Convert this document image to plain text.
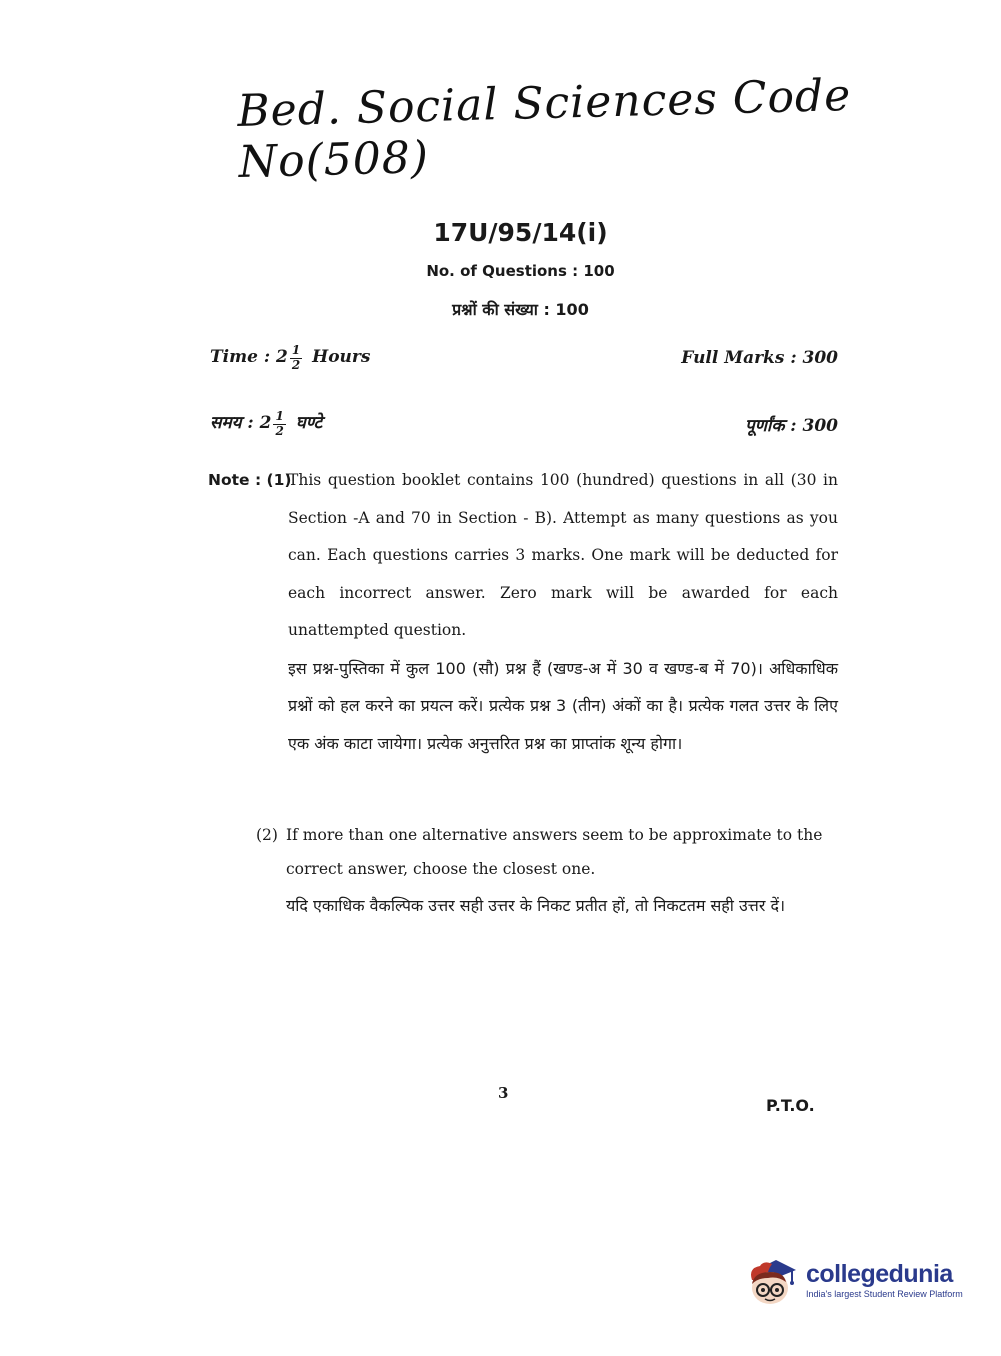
Bed. Social Sciences Code No(508)
17U/95/14(i)
No. of Questions : 100
प्रश्नों की संख्या : 100
Time : $2 \frac{1}{2}$ Hours	Full Marks : 300
समय : $2 \frac{1}{2}$ घण्टे	पूर्णांक : 300
Note : (1)

This question booklet contains 100 (hundred) questions in all (30 in Section -A and 70 in Section - B). Attempt as many questions as you can. Each questions carries 3 marks. One mark will be deducted for each incorrect answer. Zero mark will be awarded for each unattempted question.

इस प्रश्न-पुस्तिका में कुल 100 (सौ) प्रश्न हैं (खण्ड-अ में 30 व खण्ड-ब में 70)। अधिकाधिक प्रश्नों को हल करने का प्रयत्न करें। प्रत्येक प्रश्न 3 (तीन) अंकों का है। प्रत्येक गलत उत्तर के लिए एक अंक काटा जायेगा। प्रत्येक अनुत्तरित प्रश्न का प्राप्तांक शून्य होगा।

(2) If more than one alternative answers seem to be approximate to the correct answer, choose the closest one.

यदि एकाधिक वैकल्पिक उत्तर सही उत्तर के निकट प्रतीत हों, तो निकटतम सही उत्तर दें।

3
P.T.O.
collegedunia
India's largest Student Review Platform
